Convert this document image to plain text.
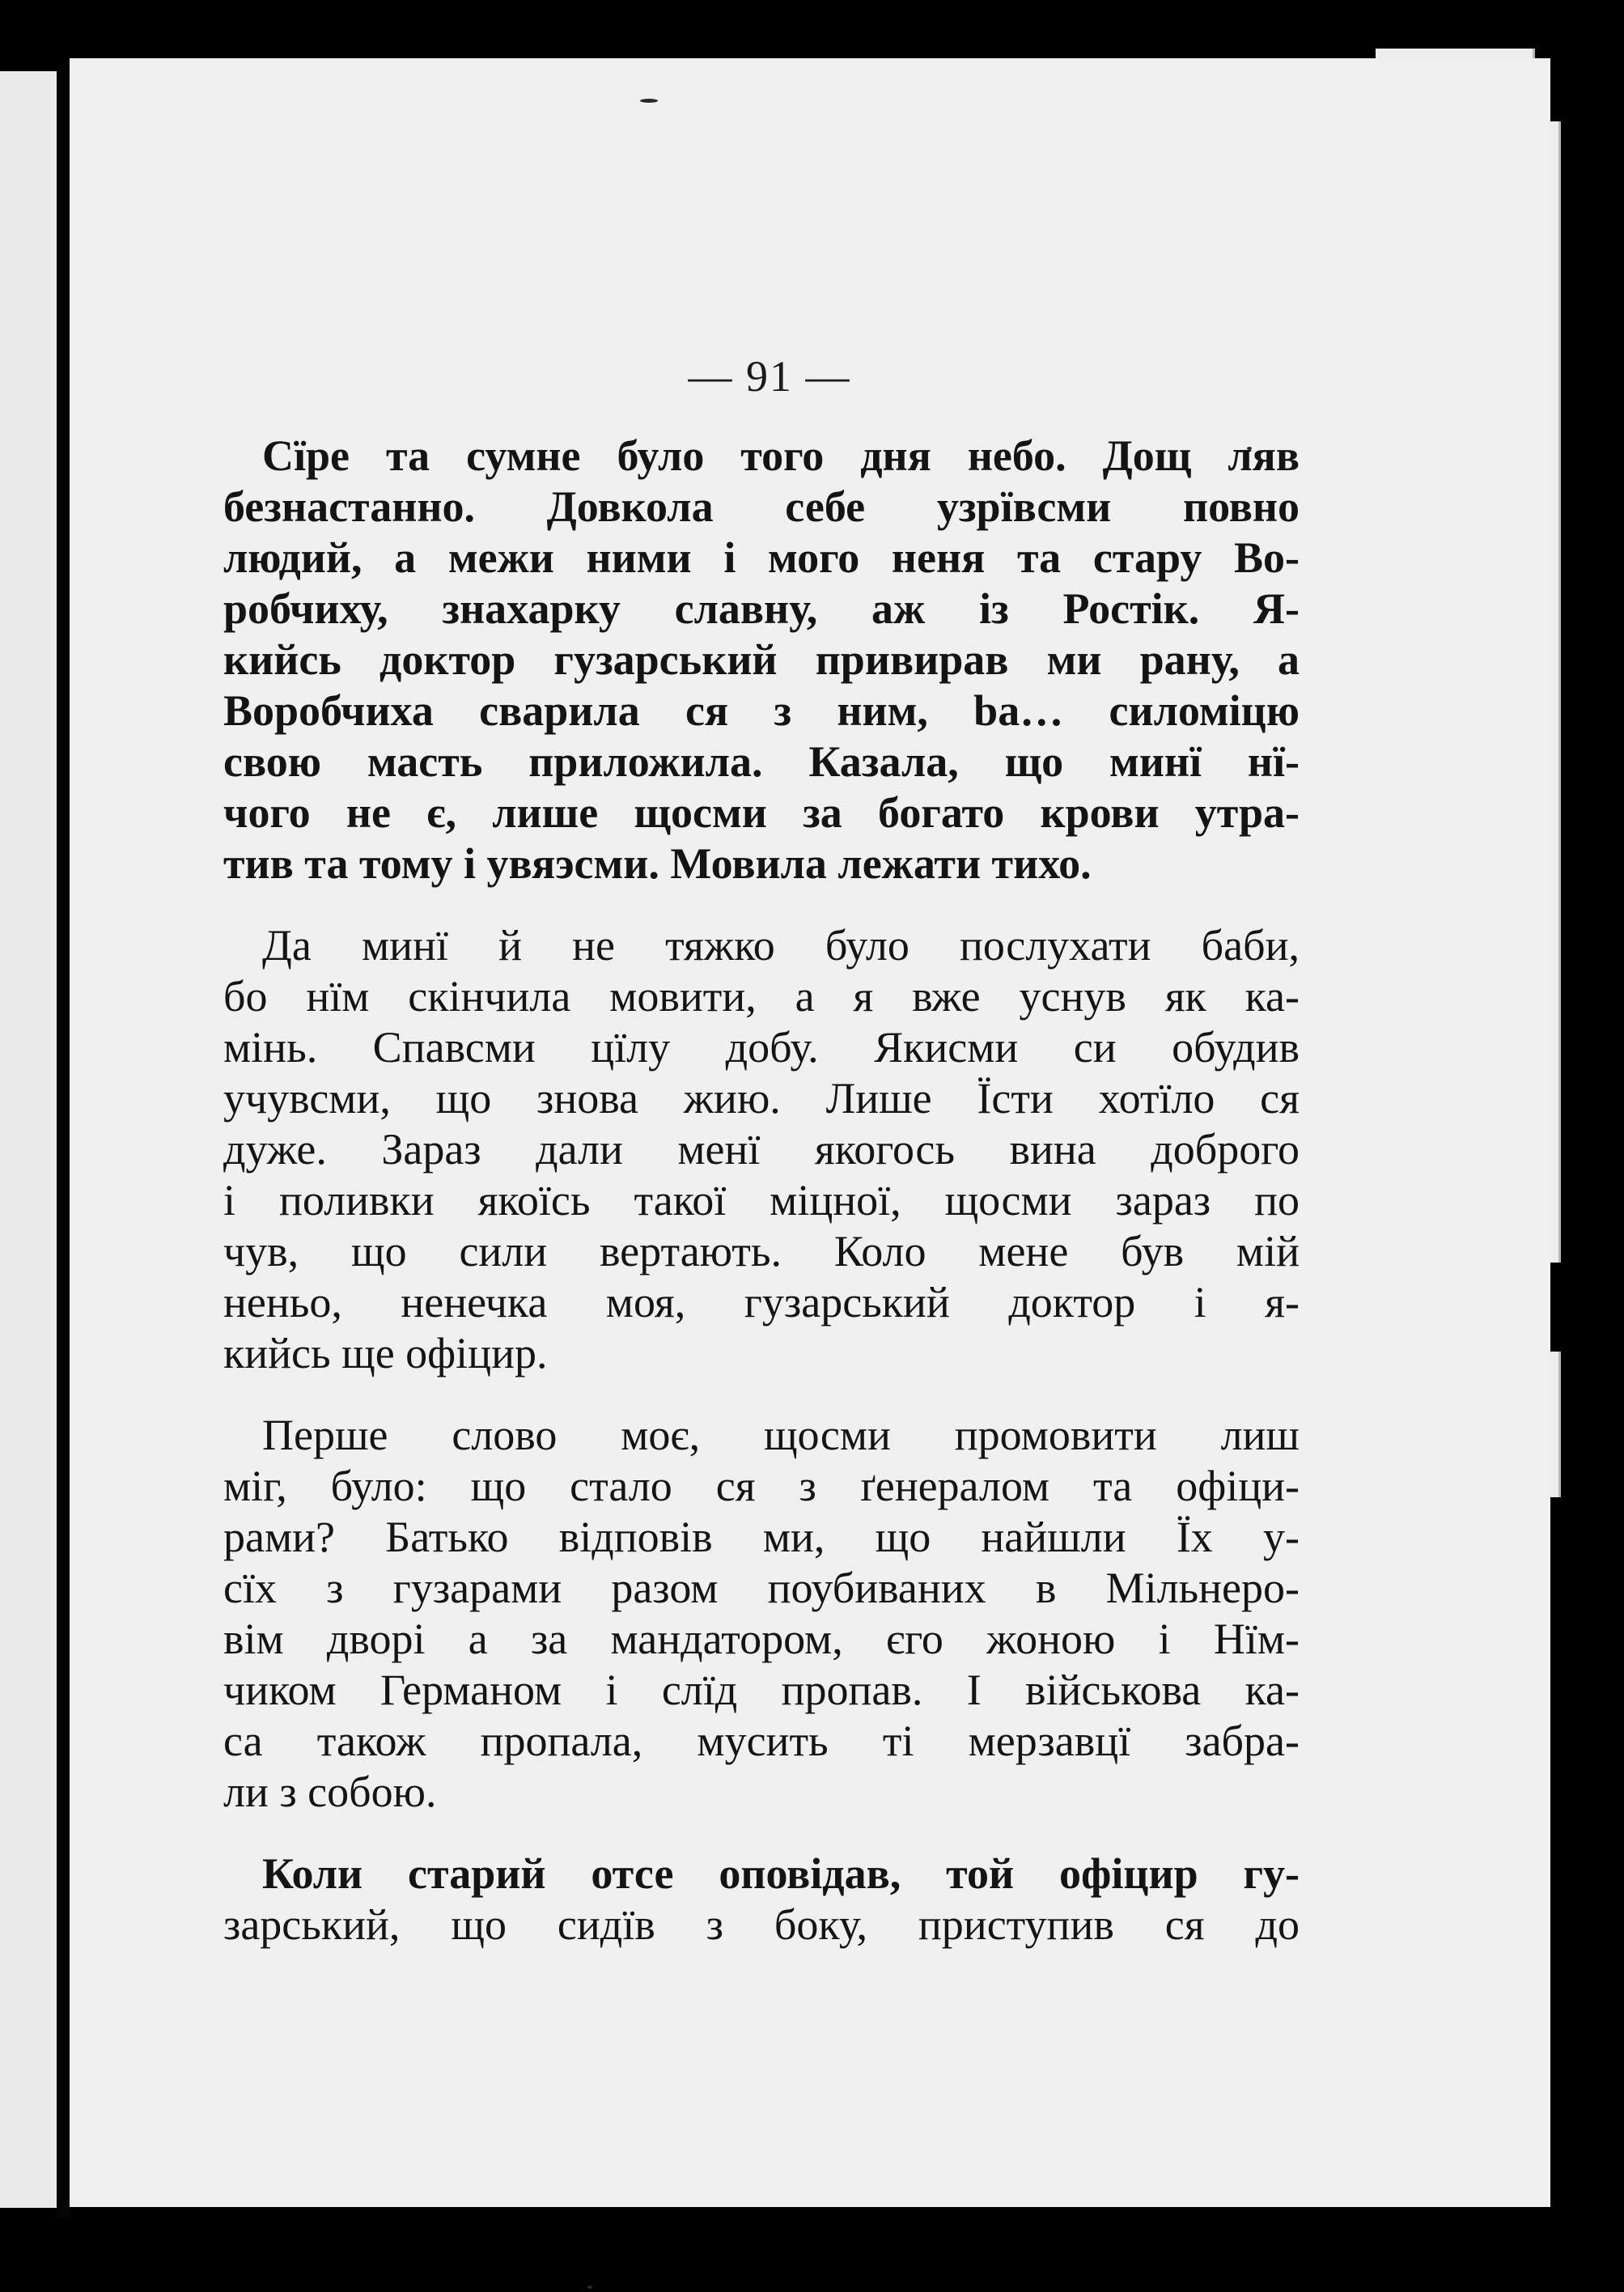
— 91 —
Сїре та сумне було того дня небо. Дощ ляв
безнастанно. Довкола себе узрївсми повно
людий, а межи ними і мого неня та стару Во-
робчиху, знахарку славну, аж із Ростік. Я-
кийсь доктор гузарський привирав ми рану, а
Воробчиха сварила ся з ним, ba… силоміцю
свою масть приложила. Казала, що минї нї-
чого не є, лише щосми за богато крови утра-
тив та тому і увяэсми. Мовила лежати тихо.
Да минї й не тяжко було послухати баби,
бо нїм скінчила мовити, а я вже уснув як ка-
мінь. Спавсми цїлу добу. Якисми си обудив
учувсми, що знова жию. Лише Їсти хотїло ся
дуже. Зараз дали менї якогось вина доброго
і поливки якоїсь такої міцної, щосми зараз по
чув, що сили вертають. Коло мене був мій
неньо, ненечка моя, гузарський доктор і я-
кийсь ще офіцир.
Перше слово моє, щосми промовити лиш
міг, було: що стало ся з ґенералом та офіци-
рами? Батько відповів ми, що найшли Їх у-
сїх з гузарами разом поубиваних в Мільнеро-
вім дворі а за мандатором, єго жоною і Нїм-
чиком Германом і слїд пропав. І військова ка-
са також пропала, мусить ті мерзавцї забра-
ли з собою.
Коли старий отсе оповідав, той офіцир гу-
зарський, що сидїв з боку, приступив ся до
